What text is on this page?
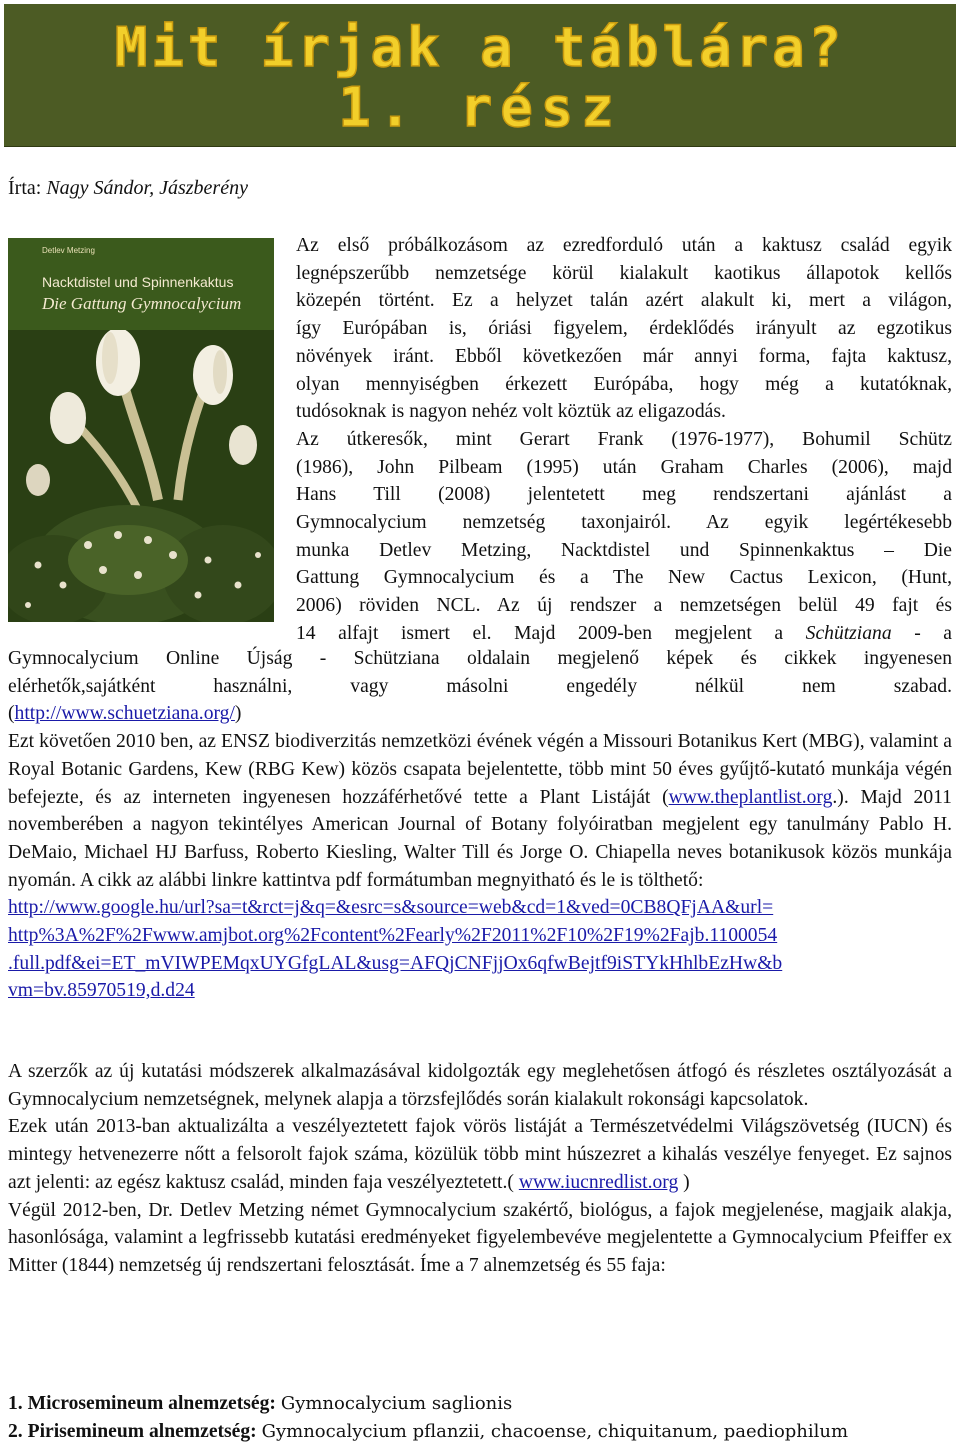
Mit írjak a táblára?
1. rész
Írta: Nagy Sándor, Jászberény
Detlev Metzing
Nacktdistel und Spinnenkaktus
Die Gattung Gymnocalycium
Az első próbálkozásom az ezredforduló után a kaktusz család egyik
legnépszerűbb nemzetsége körül kialakult kaotikus állapotok kellős
közepén történt. Ez a helyzet talán azért alakult ki, mert a világon,
így Európában is, óriási figyelem, érdeklődés irányult az egzotikus
növények iránt. Ebből következően már annyi forma, fajta kaktusz,
olyan mennyiségben érkezett Európába, hogy még a kutatóknak,
tudósoknak is nagyon nehéz volt köztük az eligazodás.
Az útkeresők, mint Gerart Frank (1976-1977), Bohumil Schütz
(1986), John Pilbeam (1995) után Graham Charles (2006), majd
Hans Till (2008) jelentetett meg rendszertani ajánlást a
Gymnocalycium nemzetség taxonjairól. Az egyik legértékesebb
munka Detlev Metzing, Nacktdistel und Spinnenkaktus – Die
Gattung Gymnocalycium és a The New Cactus Lexicon, (Hunt,
2006) röviden NCL. Az új rendszer a nemzetségen belül 49 fajt és
14 alfajt ismert el. Majd 2009-ben megjelent a Schütziana - a
Gymnocalycium Online Újság - Schütziana oldalain megjelenő képek és cikkek ingyenesen
elérhetők,sajátként használni, vagy másolni engedély nélkül nem szabad.

(http://www.schuetziana.org/)

Ezt követően 2010 ben, az ENSZ biodiverzitás nemzetközi évének végén a Missouri Botanikus Kert (MBG), valamint a Royal Botanic Gardens, Kew (RBG Kew) közös csapata bejelentette, több mint 50 éves gyűjtő-kutató munkája végén befejezte, és az interneten ingyenesen hozzáférhetővé tette a Plant Listáját (www.theplantlist.org.). Majd 2011 novemberében a nagyon tekintélyes American Journal of Botany folyóiratban megjelent egy tanulmány Pablo H. DeMaio, Michael HJ Barfuss, Roberto Kiesling, Walter Till és Jorge O. Chiapella neves botanikusok közös munkája nyomán. A cikk az alábbi linkre kattintva pdf formátumban megnyitható és le is tölthető:

http://www.google.hu/url?sa=t&rct=j&q=&esrc=s&source=web&cd=1&ved=0CB8QFjAA&url=
http%3A%2F%2Fwww.amjbot.org%2Fcontent%2Fearly%2F2011%2F10%2F19%2Fajb.1100054
.full.pdf&ei=ET_mVIWPEMqxUYGfgLAL&usg=AFQjCNFjjOx6qfwBejtf9iSTYkHhlbEzHw&b
vm=bv.85970519,d.d24

A szerzők az új kutatási módszerek alkalmazásával kidolgozták egy meglehetősen átfogó és részletes osztályozását a Gymnocalycium nemzetségnek, melynek alapja a törzsfejlődés során kialakult rokonsági kapcsolatok.

Ezek után 2013-ban aktualizálta a veszélyeztetett fajok vörös listáját a Természetvédelmi Világszövetség (IUCN) és mintegy hetvenezerre nőtt a felsorolt fajok száma, közülük több mint húszezret a kihalás veszélye fenyeget. Ez sajnos azt jelenti: az egész kaktusz család, minden faja veszélyeztetett.( www.iucnredlist.org )

Végül 2012-ben, Dr. Detlev Metzing német Gymnocalycium szakértő, biológus, a fajok megjelenése, magjaik alakja, hasonlósága, valamint a legfrissebb kutatási eredményeket figyelembevéve megjelentette a Gymnocalycium Pfeiffer ex Mitter (1844) nemzetség új rendszertani felosztását. Íme a 7 alnemzetség és 55 faja:

1. Microsemineum alnemzetség: Gymnocalycium saglionis
2. Pirisemineum alnemzetség: Gymnocalycium pflanzii, chacoense, chiquitanum, paediophilum
